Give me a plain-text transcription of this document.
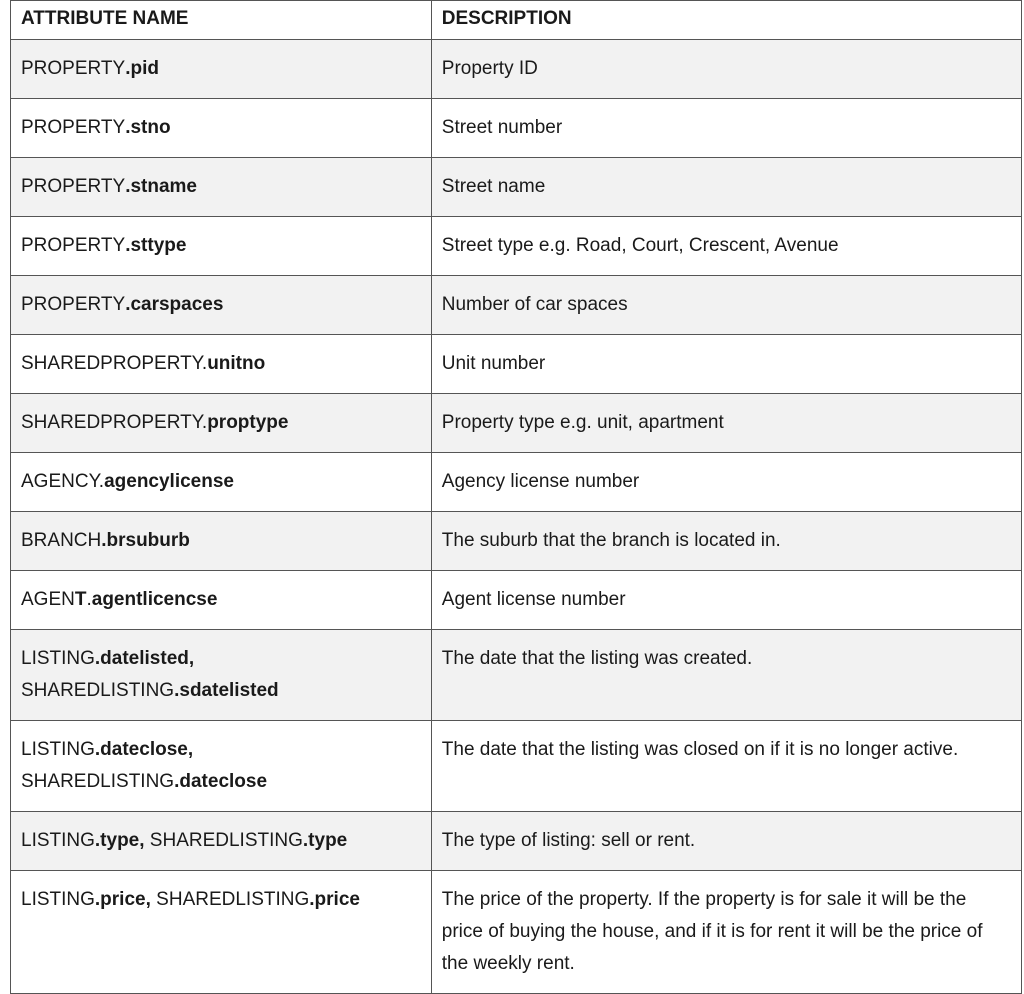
ATTRIBUTE NAME	DESCRIPTION
PROPERTY.pid	Property ID
PROPERTY.stno	Street number
PROPERTY.stname	Street name
PROPERTY.sttype	Street type e.g. Road, Court, Crescent, Avenue
PROPERTY.carspaces	Number of car spaces
SHAREDPROPERTY.unitno	Unit number
SHAREDPROPERTY.proptype	Property type e.g. unit, apartment
AGENCY.agencylicense	Agency license number
BRANCH.brsuburb	The suburb that the branch is located in.
AGENT.agentlicencse	Agent license number
LISTING.datelisted,
SHAREDLISTING.sdatelisted	The date that the listing was created.
LISTING.dateclose,
SHAREDLISTING.dateclose	The date that the listing was closed on if it is no longer active.
LISTING.type, SHAREDLISTING.type	The type of listing: sell or rent.
LISTING.price, SHAREDLISTING.price	The price of the property. If the property is for sale it will be the price of buying the house, and if it is for rent it will be the price of the weekly rent.
